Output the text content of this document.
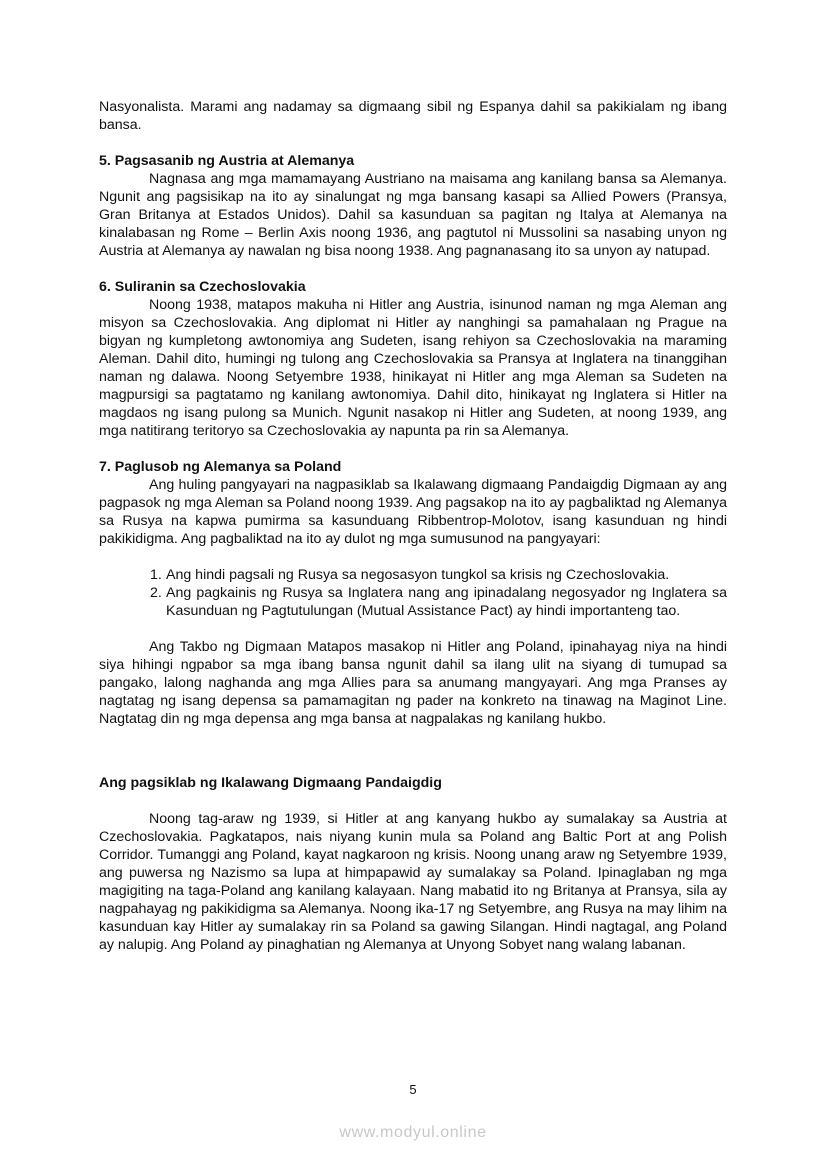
Nasyonalista. Marami ang nadamay sa digmaang sibil ng Espanya dahil sa pakikialam ng ibang bansa.

5. Pagsasanib ng Austria at Alemanya

Nagnasa ang mga mamamayang Austriano na maisama ang kanilang bansa sa Alemanya. Ngunit ang pagsisikap na ito ay sinalungat ng mga bansang kasapi sa Allied Powers (Pransya, Gran Britanya at Estados Unidos). Dahil sa kasunduan sa pagitan ng Italya at Alemanya na kinalabasan ng Rome – Berlin Axis noong 1936, ang pagtutol ni Mussolini sa nasabing unyon ng Austria at Alemanya ay nawalan ng bisa noong 1938. Ang pagnanasang ito sa unyon ay natupad.

6. Suliranin sa Czechoslovakia

Noong 1938, matapos makuha ni Hitler ang Austria, isinunod naman ng mga Aleman ang misyon sa Czechoslovakia. Ang diplomat ni Hitler ay nanghingi sa pamahalaan ng Prague na bigyan ng kumpletong awtonomiya ang Sudeten, isang rehiyon sa Czechoslovakia na maraming Aleman. Dahil dito, humingi ng tulong ang Czechoslovakia sa Pransya at Inglatera na tinanggihan naman ng dalawa. Noong Setyembre 1938, hinikayat ni Hitler ang mga Aleman sa Sudeten na magpursigi sa pagtatamo ng kanilang awtonomiya. Dahil dito, hinikayat ng Inglatera si Hitler na magdaos ng isang pulong sa Munich. Ngunit nasakop ni Hitler ang Sudeten, at noong 1939, ang mga natitirang teritoryo sa Czechoslovakia ay napunta pa rin sa Alemanya.

7. Paglusob ng Alemanya sa Poland

Ang huling pangyayari na nagpasiklab sa Ikalawang digmaang Pandaigdig Digmaan ay ang pagpasok ng mga Aleman sa Poland noong 1939. Ang pagsakop na ito ay pagbaliktad ng Alemanya sa Rusya na kapwa pumirma sa kasunduang Ribbentrop-Molotov, isang kasunduan ng hindi pakikidigma. Ang pagbaliktad na ito ay dulot ng mga sumusunod na pangyayari:

1. Ang hindi pagsali ng Rusya sa negosasyon tungkol sa krisis ng Czechoslovakia.
2. Ang pagkainis ng Rusya sa Inglatera nang ang ipinadalang negosyador ng Inglatera sa Kasunduan ng Pagtutulungan (Mutual Assistance Pact) ay hindi importanteng tao.

Ang Takbo ng Digmaan Matapos masakop ni Hitler ang Poland, ipinahayag niya na hindi siya hihingi ngpabor sa mga ibang bansa ngunit dahil sa ilang ulit na siyang di tumupad sa pangako, lalong naghanda ang mga Allies para sa anumang mangyayari. Ang mga Pranses ay nagtatag ng isang depensa sa pamamagitan ng pader na konkreto na tinawag na Maginot Line. Nagtatag din ng mga depensa ang mga bansa at nagpalakas ng kanilang hukbo.

Ang pagsiklab ng Ikalawang Digmaang Pandaigdig

Noong tag-araw ng 1939, si Hitler at ang kanyang hukbo ay sumalakay sa Austria at Czechoslovakia. Pagkatapos, nais niyang kunin mula sa Poland ang Baltic Port at ang Polish Corridor. Tumanggi ang Poland, kayat nagkaroon ng krisis. Noong unang araw ng Setyembre 1939, ang puwersa ng Nazismo sa lupa at himpapawid ay sumalakay sa Poland. Ipinaglaban ng mga magigiting na taga-Poland ang kanilang kalayaan. Nang mabatid ito ng Britanya at Pransya, sila ay nagpahayag ng pakikidigma sa Alemanya. Noong ika-17 ng Setyembre, ang Rusya na may lihim na kasunduan kay Hitler ay sumalakay rin sa Poland sa gawing Silangan. Hindi nagtagal, ang Poland ay nalupig. Ang Poland ay pinaghatian ng Alemanya at Unyong Sobyet nang walang labanan.

5
www.modyul.online
